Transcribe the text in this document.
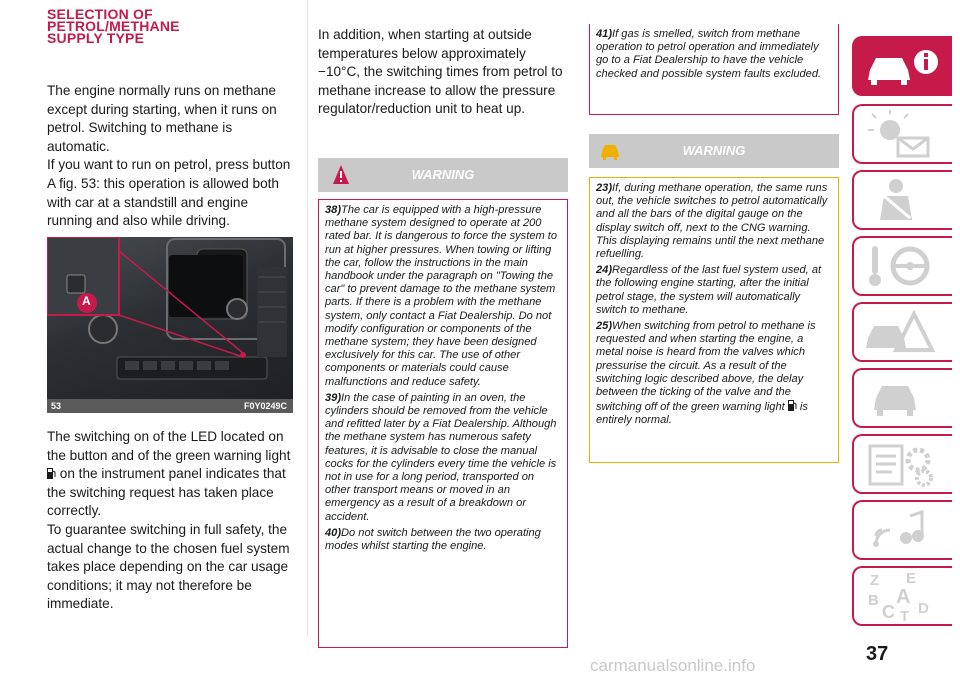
SELECTION OF
PETROL/METHANE
SUPPLY TYPE

The engine normally runs on methane except during starting, when it runs on petrol. Switching to methane is automatic.

If you want to run on petrol, press button A fig. 53: this operation is allowed both with car at a standstill and engine running and also while driving.

A
53	F0Y0249C

The switching on of the LED located on the button and of the green warning light  on the instrument panel indicates that the switching request has taken place correctly.

To guarantee switching in full safety, the actual change to the chosen fuel system takes place depending on the car usage conditions; it may not therefore be immediate.

In addition, when starting at outside temperatures below approximately −10°C, the switching times from petrol to methane increase to allow the pressure regulator/reduction unit to heat up.
WARNING

38)The car is equipped with a high-pressure methane system designed to operate at 200 rated bar. It is dangerous to force the system to run at higher pressures. When towing or lifting the car, follow the instructions in the main handbook under the paragraph on "Towing the car" to prevent damage to the methane system parts. If there is a problem with the methane system, only contact a Fiat Dealership. Do not modify configuration or components of the methane system; they have been designed exclusively for this car. The use of other components or materials could cause malfunctions and reduce safety.

39)In the case of painting in an oven, the cylinders should be removed from the vehicle and refitted later by a Fiat Dealership. Although the methane system has numerous safety features, it is advisable to close the manual cocks for the cylinders every time the vehicle is not in use for a long period, transported on other transport means or moved in an emergency as a result of a breakdown or accident.

40)Do not switch between the two operating modes whilst starting the engine.

41)If gas is smelled, switch from methane operation to petrol operation and immediately go to a Fiat Dealership to have the vehicle checked and possible system faults excluded.

WARNING

23)If, during methane operation, the same runs out, the vehicle switches to petrol automatically and all the bars of the digital gauge on the display switch off, next to the CNG warning. This displaying remains until the next methane refuelling.

24)Regardless of the last fuel system used, at the following engine starting, after the initial petrol stage, the system will automatically switch to methane.

25)When switching from petrol to methane is requested and when starting the engine, a metal noise is heard from the valves which pressurise the circuit. As a result of the switching logic described above, the delay between the ticking of the valve and the switching off of the green warning light is entirely normal.

Z E
B A
C D
T
37
carmanualsonline.info
